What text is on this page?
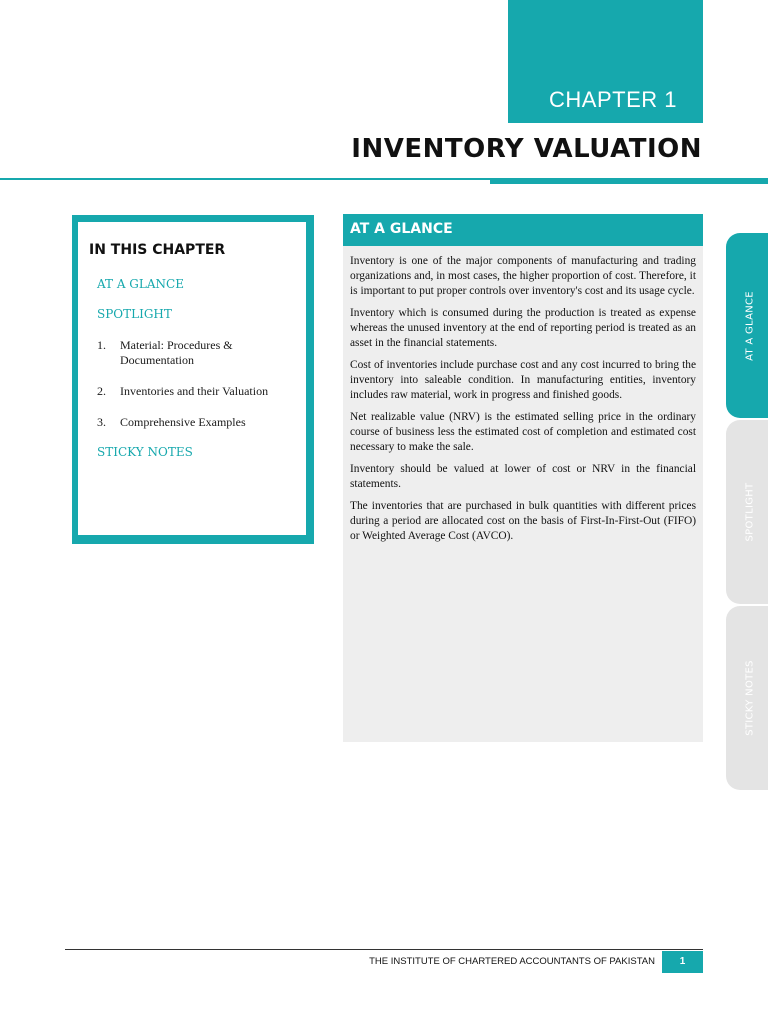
CHAPTER 1
INVENTORY VALUATION
IN THIS CHAPTER
AT A GLANCE
SPOTLIGHT
1. Material: Procedures & Documentation
2. Inventories and their Valuation
3. Comprehensive Examples
STICKY NOTES
AT A GLANCE

Inventory is one of the major components of manufacturing and trading organizations and, in most cases, the higher proportion of cost. Therefore, it is important to put proper controls over inventory's cost and its usage cycle.

Inventory which is consumed during the production is treated as expense whereas the unused inventory at the end of reporting period is treated as an asset in the financial statements.

Cost of inventories include purchase cost and any cost incurred to bring the inventory into saleable condition. In manufacturing entities, inventory includes raw material, work in progress and finished goods.

Net realizable value (NRV) is the estimated selling price in the ordinary course of business less the estimated cost of completion and estimated cost necessary to make the sale.

Inventory should be valued at lower of cost or NRV in the financial statements.

The inventories that are purchased in bulk quantities with different prices during a period are allocated cost on the basis of First-In-First-Out (FIFO) or Weighted Average Cost (AVCO).

AT A GLANCE
SPOTLIGHT
STICKY NOTES
THE INSTITUTE OF CHARTERED ACCOUNTANTS OF PAKISTAN	1
